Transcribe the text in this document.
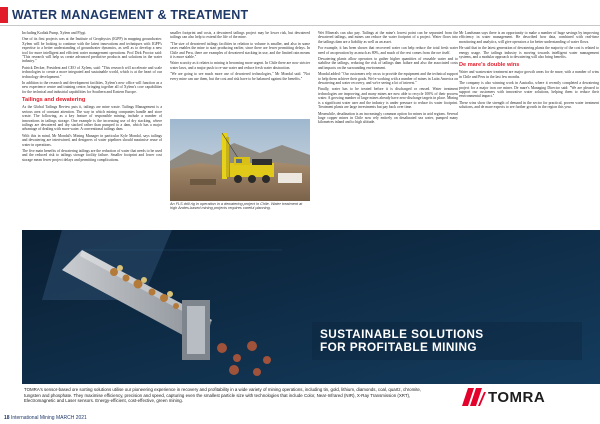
WATER MANAGEMENT & TREATMENT

Including Kodiak Pump, Xylem and Flygt.

One of its first projects was at the Institute of Geophysics (IGPP) in mapping groundwater. Xylem will be looking to continue with the latest innovations and techniques with IGPP's expertise to a better understanding of groundwater dynamics, as well as to develop a new tool for more intelligent and efficient water management operations. Prof Dirk Proctor said: "This research will help us create advanced predictive products and solutions in the water industry."

Patrick Decker, President and CEO of Xylem, said: "This research will accelerate and scale technologies to create a more integrated and sustainable world, which is at the heart of our technology development."

In addition to the research and development facilities, Xylem's new office will function as a new experience centre and training centre, bringing together all of Xylem's core capabilities for the technical and industrial capabilities for Southern and Eastern Europe.

Tailings and dewatering

As the Global Tailings Review puts it, tailings are mine waste. Tailings Management is a serious area of constant attention. The way in which mining companies handle and store waste. The following, as a key feature of responsible mining, include a number of innovations in tailings storage. One example is the increasing use of dry stacking, where tailings are dewatered and dry stacked rather than pumped to a dam, which has a major advantage of dealing with more water. A conventional tailings dam.

With this in mind, Mr Mondal's Mining Manager in particular Kyle Mondal, says tailings and dewatering are intertwined, and designers of water pipelines should maximise reuse of water in operations.

The five main benefits of dewatering tailings are the reduction of water that needs to be used and the reduced risk to tailings storage facility failure. Smaller footprint and lower cost storage mean fewer project delays and permitting complications.

smaller footprint and costs, a dewatered tailings project may be lower risk, but dewatered tailings can also help to extend the life of the mine.

"The size of dewatered tailings facilities in relation to volume is smaller, and also in some cases enables the mine to start producing earlier, since there are fewer permitting delays. In Chile and Peru, there are examples of dewatered stacking in use, and the limited rain means it is more stable."

Water scarcity as it relates to mining is becoming more urgent. In Chile there are now stricter water laws, and a major push to re-use water and reduce fresh water abstraction.

"We are going to see much more use of dewatered technologies," Mr Mondal said. "Not every mine can use them, but the cost and risk have to be balanced against the benefits."

Wet Minerals can also pay. Tailings at the mine's lowest point can be separated from the dewatered tailings, and mines can reduce the water footprint of a project. Water flows into the tailings dam are a liability as well as an asset.

For example, it has been shown that recovered water can help reduce the total fresh water need of an operation by as much as 80%, and much of the rest comes from the ore itself.

Dewatering plants allow operators to gather higher quantities of reusable water and to stabilise the tailings, reducing the risk of tailings dam failure and also the associated costs and impacts on the surrounding environment.

Mondal added: "Our customers rely on us to provide the equipment and the technical support to help them achieve their goals. We're working with a number of mines in Latin America on dewatering and water recovery, and we're seeing a lot of interest."

Finally, water has to be treated before it is discharged or reused. Water treatment technologies are improving, and many mines are now able to recycle 100% of their process water. A growing number of large mines already have zero-discharge targets in place. Mining is a significant water user and the industry is under pressure to reduce its water footprint. Treatment plants are large investments but pay back over time.

Meanwhile, desalination is an increasingly common option for mines in arid regions. Several large copper mines in Chile now rely entirely on desalinated sea water, pumped many kilometres inland and to high altitude.

Mr Landsman says there is an opportunity to make a number of huge savings by improving efficiency in water management. He described how data, combined with real-time monitoring and analytics, will give operators a far better understanding of water flows.

He said that in the latest generation of dewatering plants the majority of the cost is related to energy usage. The tailings industry is moving towards intelligent water management systems, and a modular approach to dewatering will also bring benefits.

De mare's double wins

Water and wastewater treatment are major growth areas for de mare, with a number of wins in Chile and Peru in the last few months.

The company is also winning work in Australia, where it recently completed a dewatering project for a major iron ore miner. De mare's Managing Director said: "We are pleased to support our customers with innovative water solutions, helping them to reduce their environmental impact."

These wins show the strength of demand in the sector for practical, proven water treatment solutions, and de mare expects to see further growth in the region this year.

An FLS drill rig in operation in a dewatering project in Chile. Water treatment at high Andes-based mining projects requires careful planning.
SUSTAINABLE SOLUTIONS
FOR PROFITABLE MINING
TOMRA's sensor-based ore sorting solutions utilise our pioneering experience in recovery and profitability in a wide variety of mining operations, including tin, gold, lithium, diamonds, coal, quartz, chromite, tungsten and phosphate. They maximise efficiency, precision and speed, capturing even the smallest particle size with technologies that include Color, Near-Infrared (NIR), X-Ray Transmission (XRT), Electromagnetic and Laser sensors. Energy-efficient, cost-effective, green mining.	TOMRA
18 International Mining MARCH 2021
